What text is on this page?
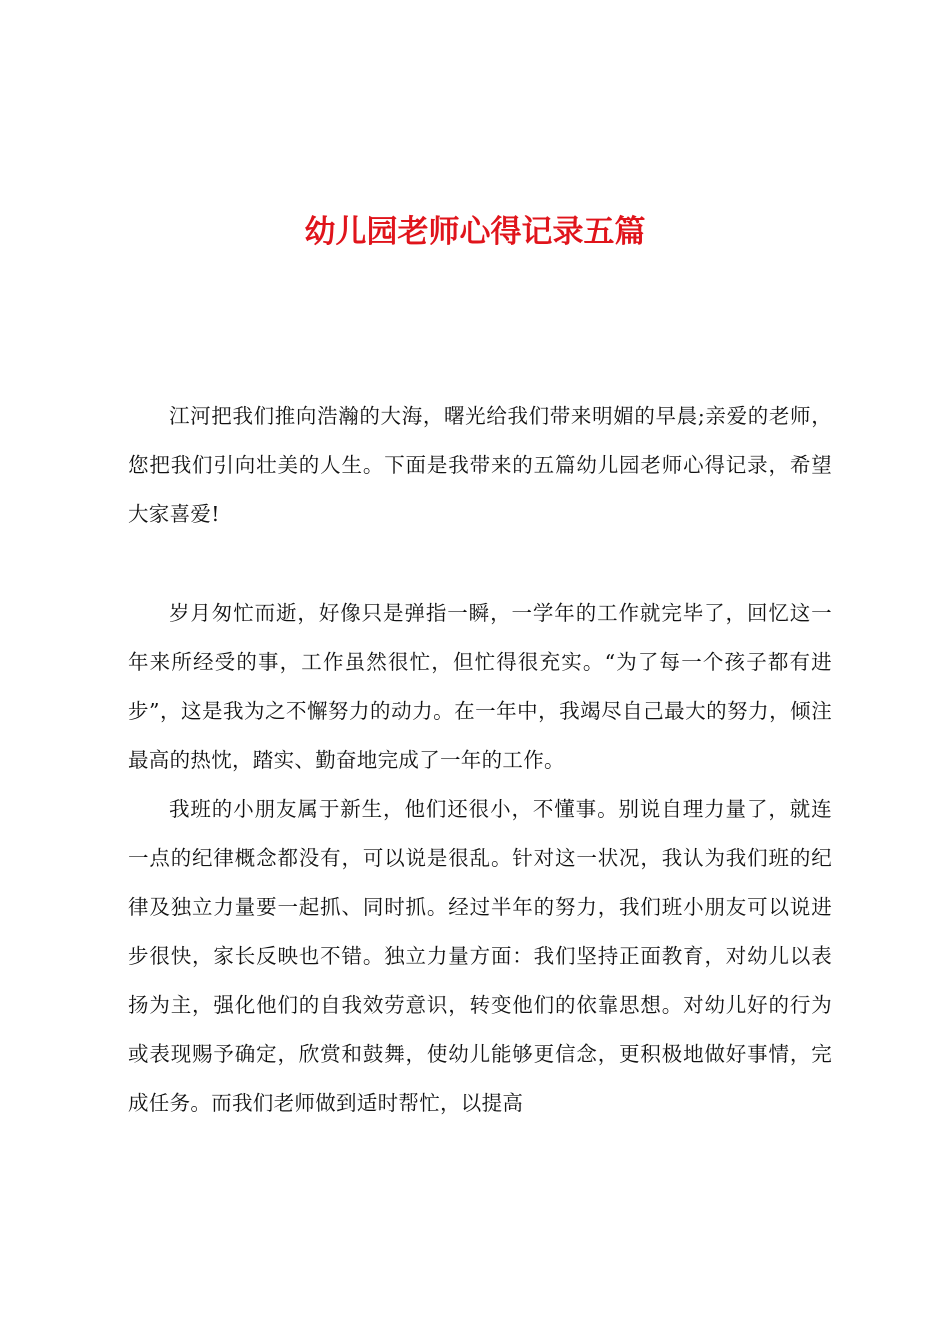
幼儿园老师心得记录五篇

江河把我们推向浩瀚的大海，曙光给我们带来明媚的早晨;亲爱的老师，您把我们引向壮美的人生。下面是我带来的五篇幼儿园老师心得记录，希望大家喜爱!

岁月匆忙而逝，好像只是弹指一瞬，一学年的工作就完毕了，回忆这一年来所经受的事，工作虽然很忙，但忙得很充实。“为了每一个孩子都有进步”，这是我为之不懈努力的动力。在一年中，我竭尽自己最大的努力，倾注最高的热忱，踏实、勤奋地完成了一年的工作。

我班的小朋友属于新生，他们还很小，不懂事。别说自理力量了，就连一点的纪律概念都没有，可以说是很乱。针对这一状况，我认为我们班的纪律及独立力量要一起抓、同时抓。经过半年的努力，我们班小朋友可以说进步很快，家长反映也不错。独立力量方面：我们坚持正面教育，对幼儿以表扬为主，强化他们的自我效劳意识，转变他们的依靠思想。对幼儿好的行为或表现赐予确定，欣赏和鼓舞，使幼儿能够更信念，更积极地做好事情，完成任务。而我们老师做到适时帮忙，以提高
